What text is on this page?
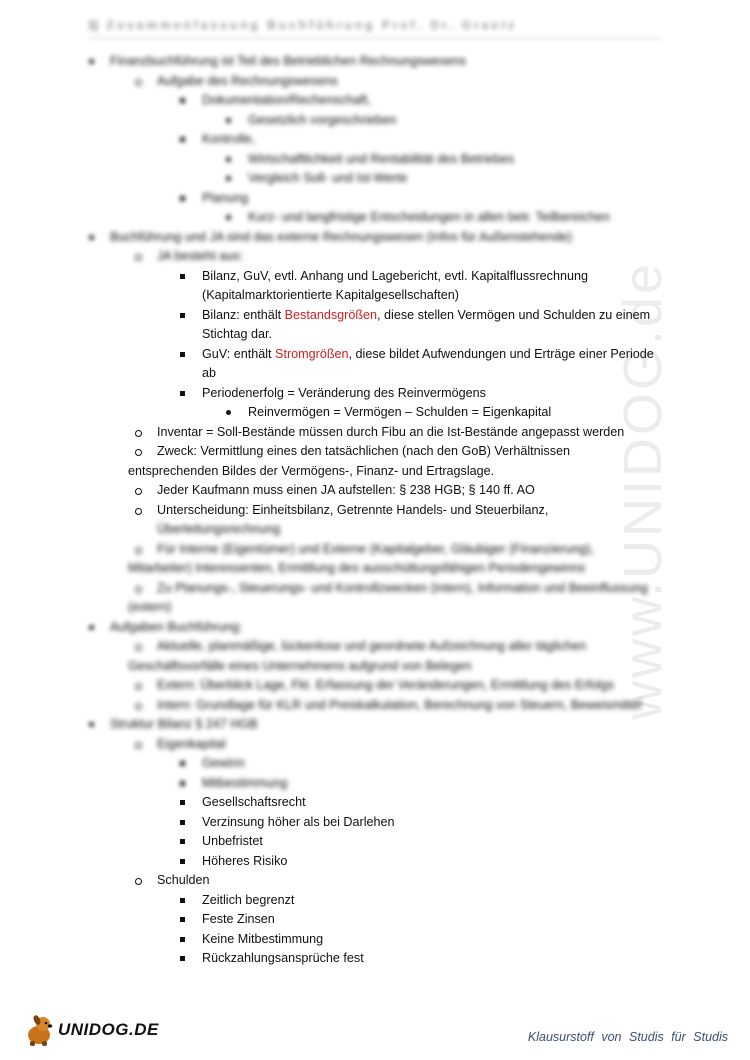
1| Zusammenfassung Buchführung Prof. Dr. Graetz
www.UNIDOG.de
Finanzbuchführung ist Teil des Betrieblichen Rechnungswesens
Aufgabe des Rechnungswesens
Dokumentation/Rechenschaft,
Gesetzlich vorgeschrieben
Kontrolle,
Wirtschaftlichkeit und Rentabilität des Betriebes
Vergleich Soll- und Ist-Werte
Planung
Kurz- und langfristige Entscheidungen in allen betr. Teilbereichen
Buchführung und JA sind das externe Rechnungswesen (Infos für Außenstehende)
JA besteht aus:
Bilanz, GuV, evtl. Anhang und Lagebericht, evtl. Kapitalflussrechnung
(Kapitalmarktorientierte Kapitalgesellschaften)
Bilanz: enthält Bestandsgrößen, diese stellen Vermögen und Schulden zu einem
Stichtag dar.
GuV: enthält Stromgrößen, diese bildet Aufwendungen und Erträge einer Periode
ab
Periodenerfolg = Veränderung des Reinvermögens
Reinvermögen = Vermögen – Schulden = Eigenkapital
Inventar = Soll-Bestände müssen durch Fibu an die Ist-Bestände angepasst werden
Zweck: Vermittlung eines den tatsächlichen (nach den GoB) Verhältnissen
entsprechenden Bildes der Vermögens-, Finanz- und Ertragslage.
Jeder Kaufmann muss einen JA aufstellen: § 238 HGB; § 140 ff. AO
Unterscheidung: Einheitsbilanz, Getrennte Handels- und Steuerbilanz,
Überleitungsrechnung
Für Interne (Eigentümer) und Externe (Kapitalgeber, Gläubiger (Finanzierung),
Mitarbeiter) Interessenten, Ermittlung des ausschüttungsfähigen Periodengewinns
Zu Planungs-, Steuerungs- und Kontrollzwecken (intern), Information und Beeinflussung
(extern)
Aufgaben Buchführung:
Aktuelle, planmäßige, lückenlose und geordnete Aufzeichnung aller täglichen
Geschäftsvorfälle eines Unternehmens aufgrund von Belegen
Extern: Überblick Lage, Fkt. Erfassung der Veränderungen, Ermittlung des Erfolgs
Intern: Grundlage für KLR und Preiskalkulation, Berechnung von Steuern, Beweismittel
Struktur Bilanz § 247 HGB
Eigenkapital
Gewinn
Mitbestimmung
Gesellschaftsrecht
Verzinsung höher als bei Darlehen
Unbefristet
Höheres Risiko
Schulden
Zeitlich begrenzt
Feste Zinsen
Keine Mitbestimmung
Rückzahlungsansprüche fest
UNIDOG.DE	Klausurstoff von Studis für Studis
